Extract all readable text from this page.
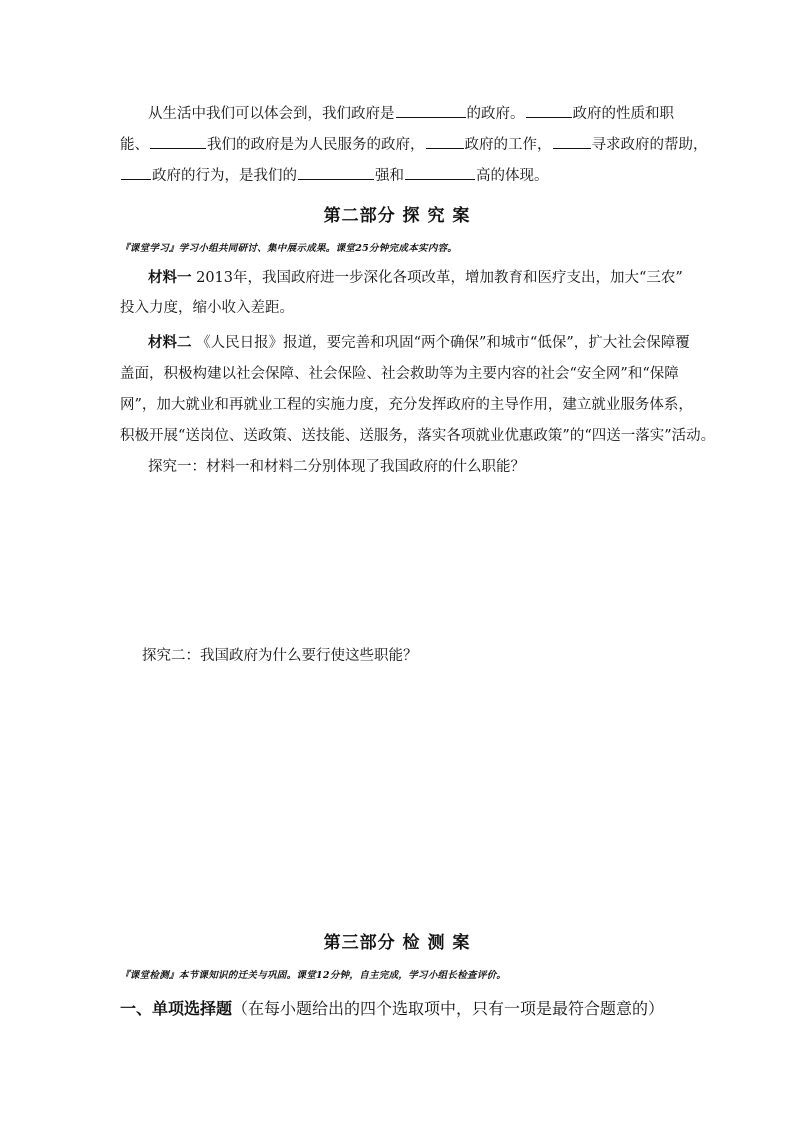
从生活中我们可以体会到，我们政府是	的政府。	政府的性质和职
能、	我们的政府是为人民服务的政府，	政府的工作，	寻求政府的帮助，
政府的行为，是我们的	强和	高的体现。
第二部分 探 究 案
『课堂学习』学习小组共同研讨、集中展示成果。课堂25分钟完成本实内容。
材料一 2013年，我国政府进一步深化各项改革，增加教育和医疗支出，加大“三农”
投入力度，缩小收入差距。
材料二 《人民日报》报道，要完善和巩固“两个确保”和城市“低保”，扩大社会保障覆
盖面，积极构建以社会保障、社会保险、社会救助等为主要内容的社会“安全网”和“保障
网”，加大就业和再就业工程的实施力度，充分发挥政府的主导作用，建立就业服务体系，
积极开展“送岗位、送政策、送技能、送服务，落实各项就业优惠政策”的“四送一落实”活动。
探究一：材料一和材料二分别体现了我国政府的什么职能？
探究二：我国政府为什么要行使这些职能？
第三部分 检 测 案
『课堂检测』本节课知识的迁关与巩固。课堂12分钟，自主完成，学习小组长检查评价。
一、单项选择题（在每小题给出的四个选取项中，只有一项是最符合题意的）
